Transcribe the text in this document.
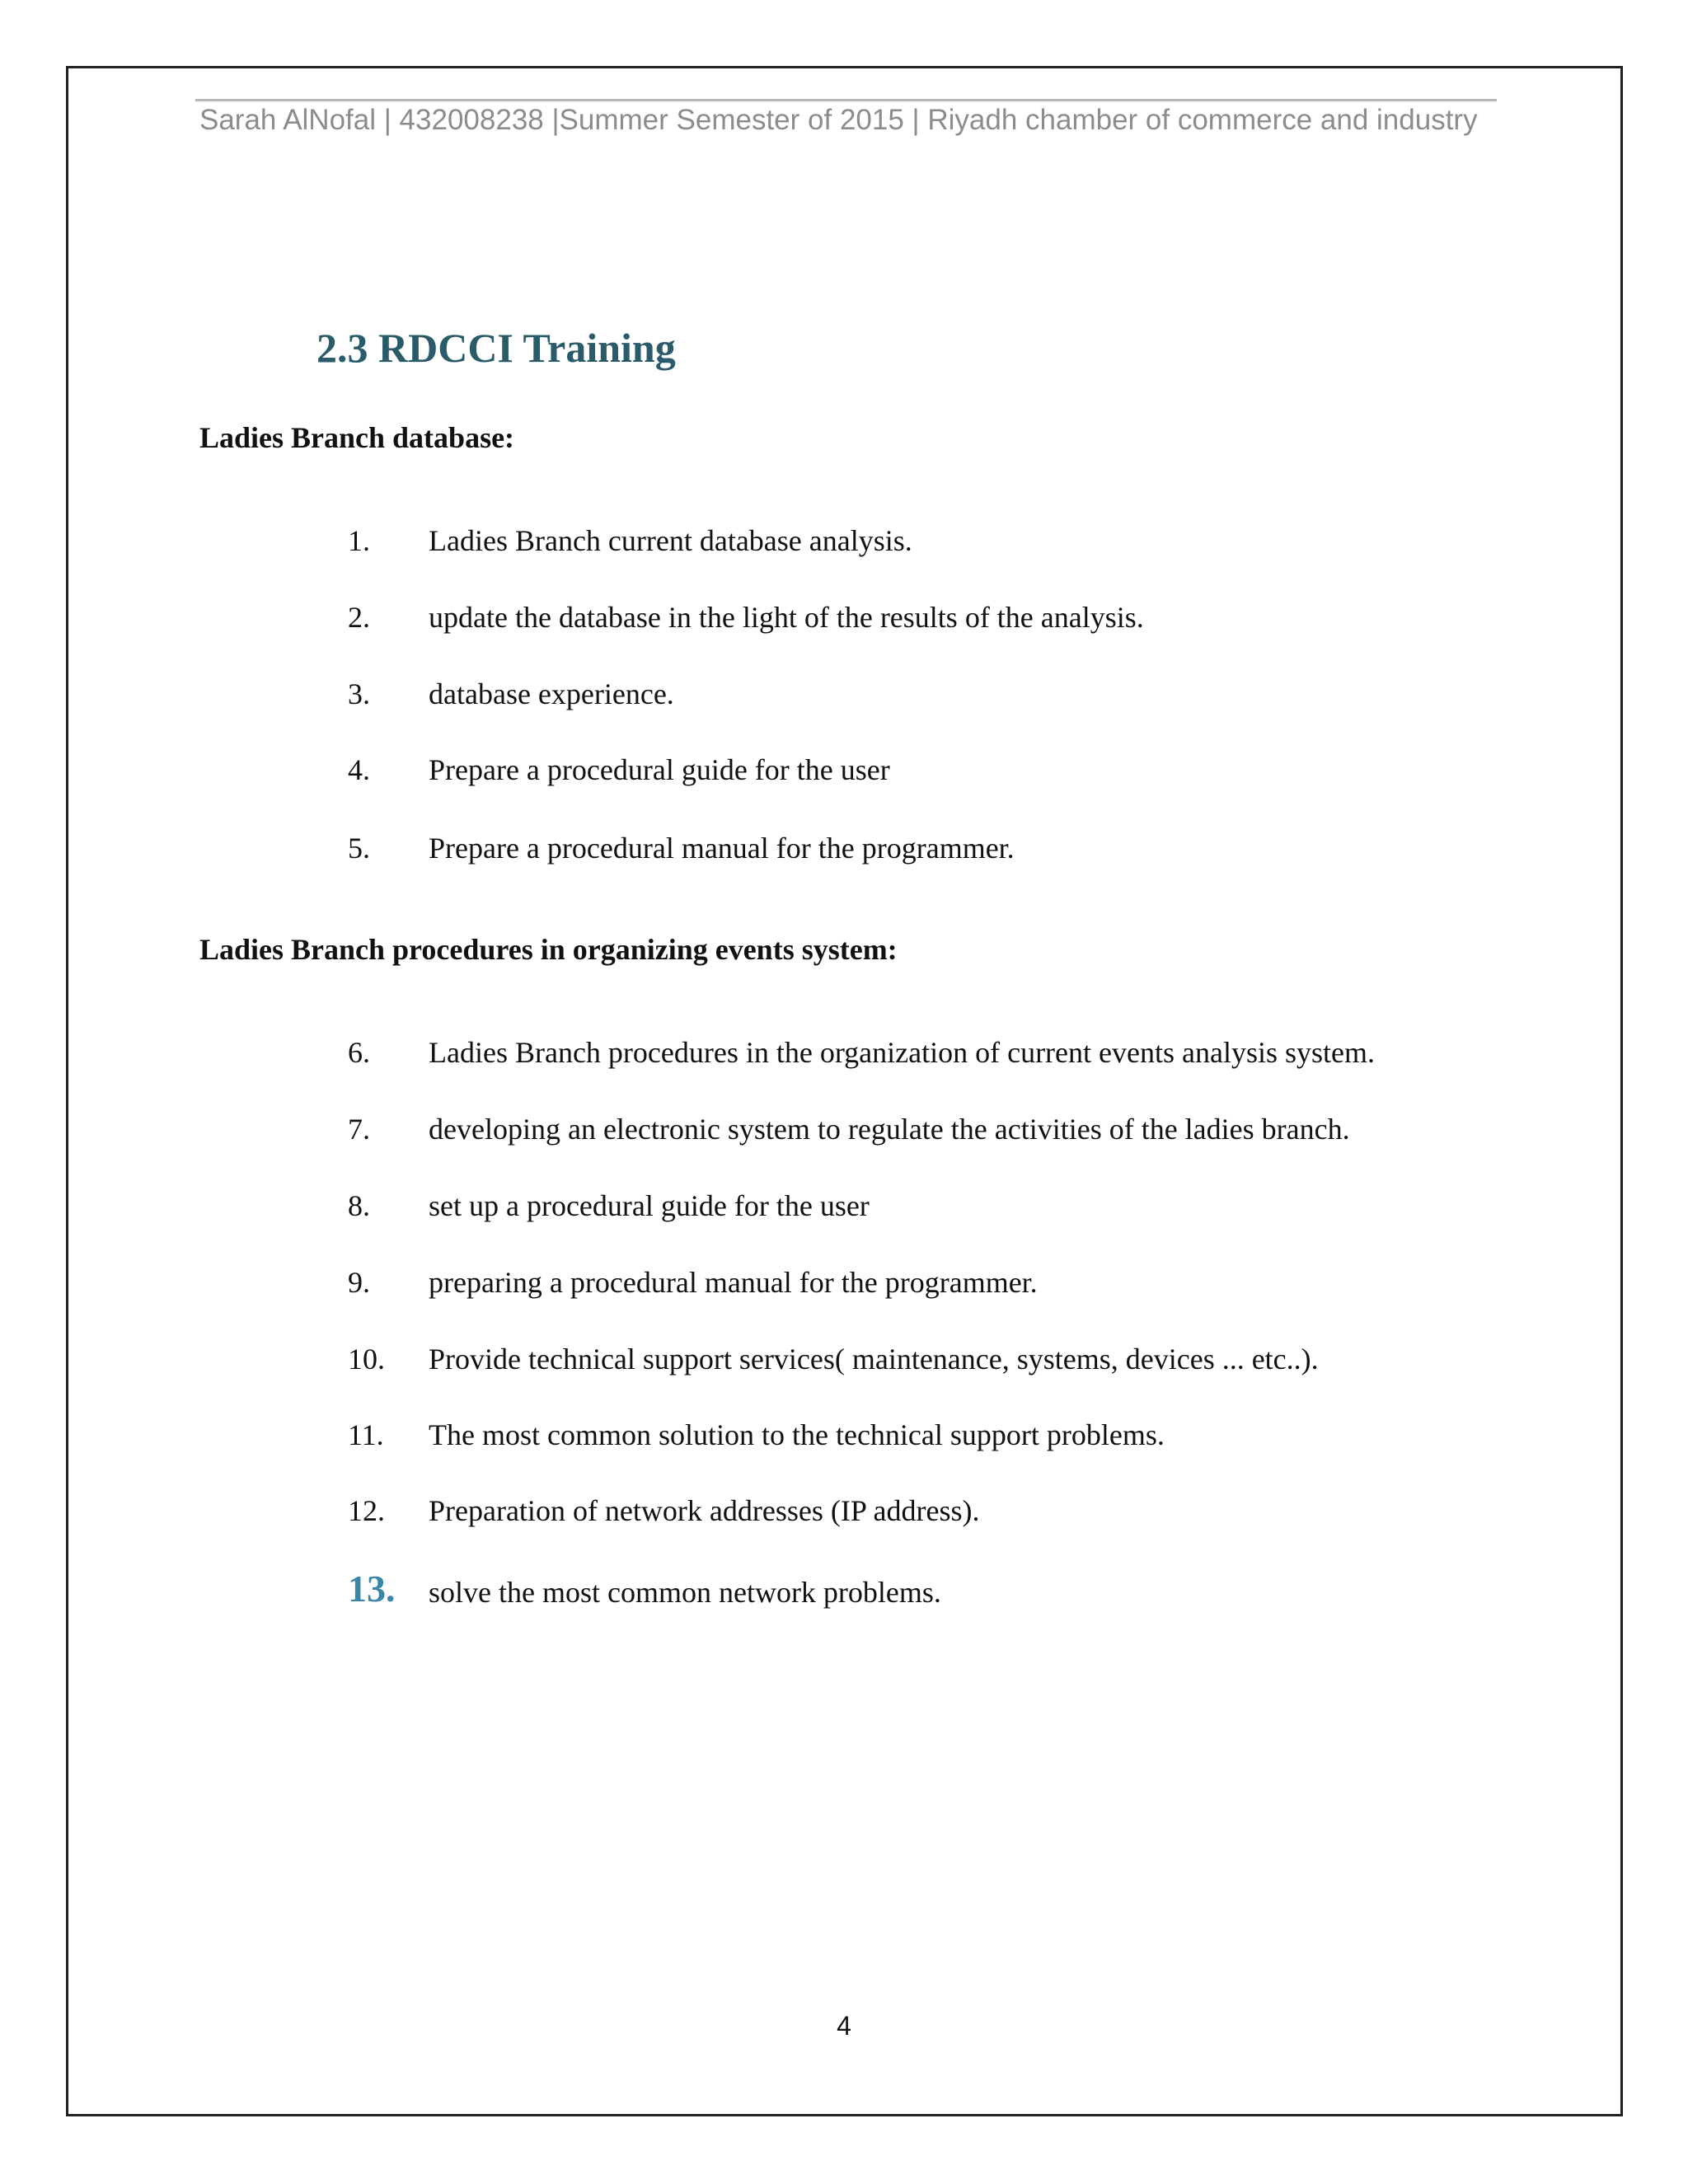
Sarah AlNofal | 432008238 |Summer Semester of 2015 | Riyadh chamber of commerce and industry
2.3 RDCCI Training
Ladies Branch database:
1. Ladies Branch current database analysis.
2. update the database in the light of the results of the analysis.
3. database experience.
4. Prepare a procedural guide for the user
5. Prepare a procedural manual for the programmer.
Ladies Branch procedures in organizing events system:
6. Ladies Branch procedures in the organization of current events analysis system.
7. developing an electronic system to regulate the activities of the ladies branch.
8. set up a procedural guide for the user
9. preparing a procedural manual for the programmer.
10. Provide technical support services( maintenance, systems, devices ... etc..).
11. The most common solution to the technical support problems.
12. Preparation of network addresses (IP address).
13. solve the most common network problems.
4
